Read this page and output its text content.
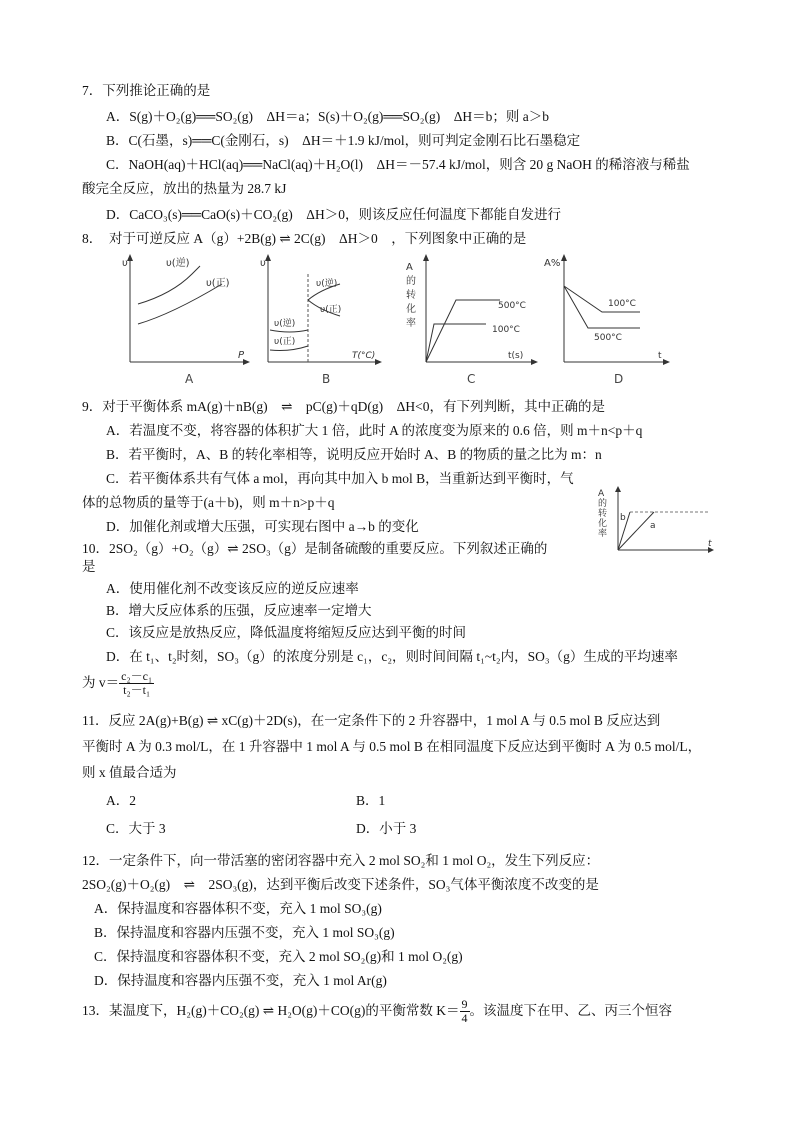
7．下列推论正确的是
A．S(g)＋O₂(g)══SO₂(g)　ΔH＝a；S(s)＋O₂(g)══SO₂(g)　ΔH＝b；则 a＞b
B．C(石墨，s)══C(金刚石，s)　ΔH＝＋1.9 kJ/mol，则可判定金刚石比石墨稳定
C．NaOH(aq)＋HCl(aq)══NaCl(aq)＋H₂O(l)　ΔH＝－57.4 kJ/mol，则含 20 g NaOH 的稀溶液与稀盐
酸完全反应，放出的热量为 28.7 kJ
D．CaCO₃(s)══CaO(s)＋CO₂(g)　ΔH＞0，则该反应任何温度下都能自发进行
8．　对于可逆反应 A（g）+2B(g) ⇌ 2C(g)　ΔH＞0　，下列图象中正确的是
υ
P
υ(逆)
υ(正)
A
υ
υ(逆)
υ(正)
υ(逆)
υ(正)
T(°C)
B
A
的
转
化
率
500°C
100°C
t(s)
C
A%
100°C
500°C
t
D
9．对于平衡体系 mA(g)＋nB(g)　⇌　pC(g)＋qD(g)　ΔH<0，有下列判断，其中正确的是
A．若温度不变，将容器的体积扩大 1 倍，此时 A 的浓度变为原来的 0.6 倍，则 m＋n<p＋q
B．若平衡时，A、B 的转化率相等，说明反应开始时 A、B 的物质的量之比为 m：n
C．若平衡体系共有气体 a mol，再向其中加入 b mol B，当重新达到平衡时，气
体的总物质的量等于(a＋b)，则 m＋n>p＋q
D．加催化剂或增大压强，可实现右图中 a→b 的变化
A
的
转
化
率
b
a
t
10．2SO₂（g）+O₂（g）⇌ 2SO₃（g）是制备硫酸的重要反应。下列叙述正确的
是
A．使用催化剂不改变该反应的逆反应速率
B．增大反应体系的压强，反应速率一定增大
C．该反应是放热反应，降低温度将缩短反应达到平衡的时间
D．在 t₁、t₂时刻，SO₃（g）的浓度分别是 c₁，c₂，则时间间隔 t₁~t₂内，SO₃（g）生成的平均速率
为 $v= \frac{\text{c₂－c₁}}{\text{t₂－t₁}}$
11．反应 2A(g)+B(g) ⇌ xC(g)＋2D(s)，在一定条件下的 2 升容器中，1 mol A 与 0.5 mol B 反应达到
平衡时 A 为 0.3 mol/L，在 1 升容器中 1 mol A 与 0.5 mol B 在相同温度下反应达到平衡时 A 为 0.5 mol/L，
则 x 值最合适为
A．2	B．1
C．大于 3	D．小于 3
12．一定条件下，向一带活塞的密闭容器中充入 2 mol SO₂和 1 mol O₂，发生下列反应：
2SO₂(g)＋O₂(g)　⇌　2SO₃(g)，达到平衡后改变下述条件，SO₃气体平衡浓度不改变的是
A．保持温度和容器体积不变，充入 1 mol SO₃(g)
B．保持温度和容器内压强不变，充入 1 mol SO₃(g)
C．保持温度和容器体积不变，充入 2 mol SO₂(g)和 1 mol O₂(g)
D．保持温度和容器内压强不变，充入 1 mol Ar(g)
13．某温度下，H₂(g)＋CO₂(g) ⇌ H₂O(g)＋CO(g)的平衡常数 $K= \frac{9}{4}$ 。该温度下在甲、乙、丙三个恒容
